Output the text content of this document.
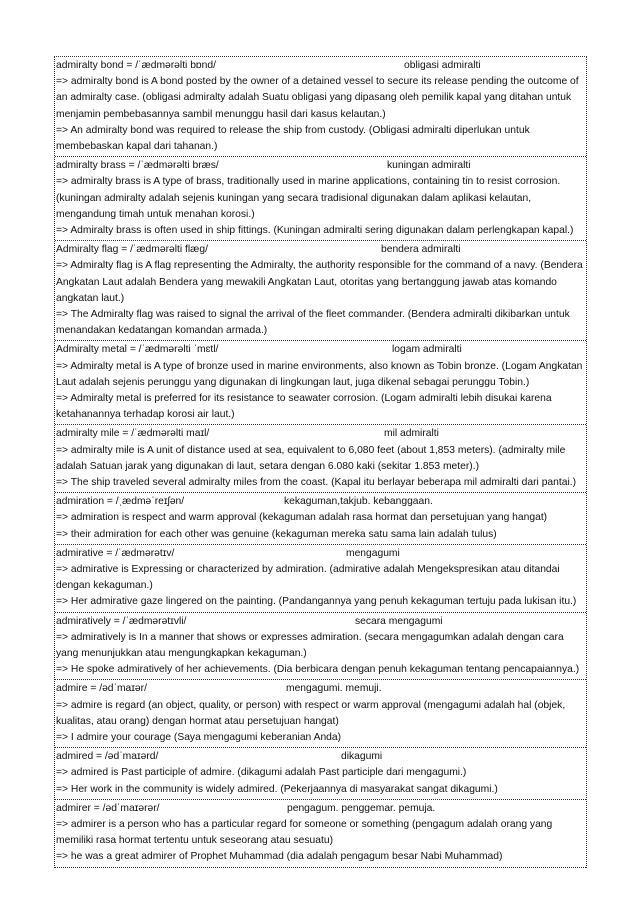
admiralty bond = /ˈædmərəlti bɒnd/	obligasi admiralti
=> admiralty bond is A bond posted by the owner of a detained vessel to secure its release pending the outcome of an admiralty case. (obligasi admiralty adalah Suatu obligasi yang dipasang oleh pemilik kapal yang ditahan untuk menjamin pembebasannya sambil menunggu hasil dari kasus kelautan.)
=> An admiralty bond was required to release the ship from custody. (Obligasi admiralti diperlukan untuk membebaskan kapal dari tahanan.)
admiralty brass = /ˈædmərəlti bræs/	kuningan admiralti
=> admiralty brass is A type of brass, traditionally used in marine applications, containing tin to resist corrosion. (kuningan admiralty adalah sejenis kuningan yang secara tradisional digunakan dalam aplikasi kelautan, mengandung timah untuk menahan korosi.)
=> Admiralty brass is often used in ship fittings. (Kuningan admiralti sering digunakan dalam perlengkapan kapal.)
Admiralty flag = /ˈædmərəlti flæg/	bendera admiralti
=> Admiralty flag is A flag representing the Admiralty, the authority responsible for the command of a navy. (Bendera Angkatan Laut adalah Bendera yang mewakili Angkatan Laut, otoritas yang bertanggung jawab atas komando angkatan laut.)
=> The Admiralty flag was raised to signal the arrival of the fleet commander. (Bendera admiralti dikibarkan untuk menandakan kedatangan komandan armada.)
Admiralty metal = /ˈædmərəlti ˈmɛtl/	logam admiralti
=> Admiralty metal is A type of bronze used in marine environments, also known as Tobin bronze. (Logam Angkatan Laut adalah sejenis perunggu yang digunakan di lingkungan laut, juga dikenal sebagai perunggu Tobin.)
=> Admiralty metal is preferred for its resistance to seawater corrosion. (Logam admiralti lebih disukai karena ketahanannya terhadap korosi air laut.)
admiralty mile = /ˈædmərəlti maɪl/	mil admiralti
=> admiralty mile is A unit of distance used at sea, equivalent to 6,080 feet (about 1,853 meters). (admiralty mile adalah Satuan jarak yang digunakan di laut, setara dengan 6.080 kaki (sekitar 1.853 meter).)
=> The ship traveled several admiralty miles from the coast. (Kapal itu berlayar beberapa mil admiralti dari pantai.)
admiration = /ˌædməˈreɪʃən/	kekaguman,takjub. kebanggaan.
=> admiration is respect and warm approval (kekaguman adalah rasa hormat dan persetujuan yang hangat)
=> their admiration for each other was genuine (kekaguman mereka satu sama lain adalah tulus)
admirative = /ˈædmərətɪv/	mengagumi
=> admirative is Expressing or characterized by admiration. (admirative adalah Mengekspresikan atau ditandai dengan kekaguman.)
=> Her admirative gaze lingered on the painting. (Pandangannya yang penuh kekaguman tertuju pada lukisan itu.)
admiratively = /ˈædmərətɪvli/	secara mengagumi
=> admiratively is In a manner that shows or expresses admiration. (secara mengagumkan adalah dengan cara yang menunjukkan atau mengungkapkan kekaguman.)
=> He spoke admiratively of her achievements. (Dia berbicara dengan penuh kekaguman tentang pencapaiannya.)
admire = /ədˈmaɪər/	mengagumi. memuji.
=> admire is regard (an object, quality, or person) with respect or warm approval (mengagumi adalah hal (objek, kualitas, atau orang) dengan hormat atau persetujuan hangat)
=> I admire your courage (Saya mengagumi keberanian Anda)
admired = /ədˈmaɪərd/	dikagumi
=> admired is Past participle of admire. (dikagumi adalah Past participle dari mengagumi.)
=> Her work in the community is widely admired. (Pekerjaannya di masyarakat sangat dikagumi.)
admirer = /ədˈmaɪərər/	pengagum. penggemar. pemuja.
=> admirer is a person who has a particular regard for someone or something (pengagum adalah orang yang memiliki rasa hormat tertentu untuk seseorang atau sesuatu)
=> he was a great admirer of Prophet Muhammad (dia adalah pengagum besar Nabi Muhammad)
